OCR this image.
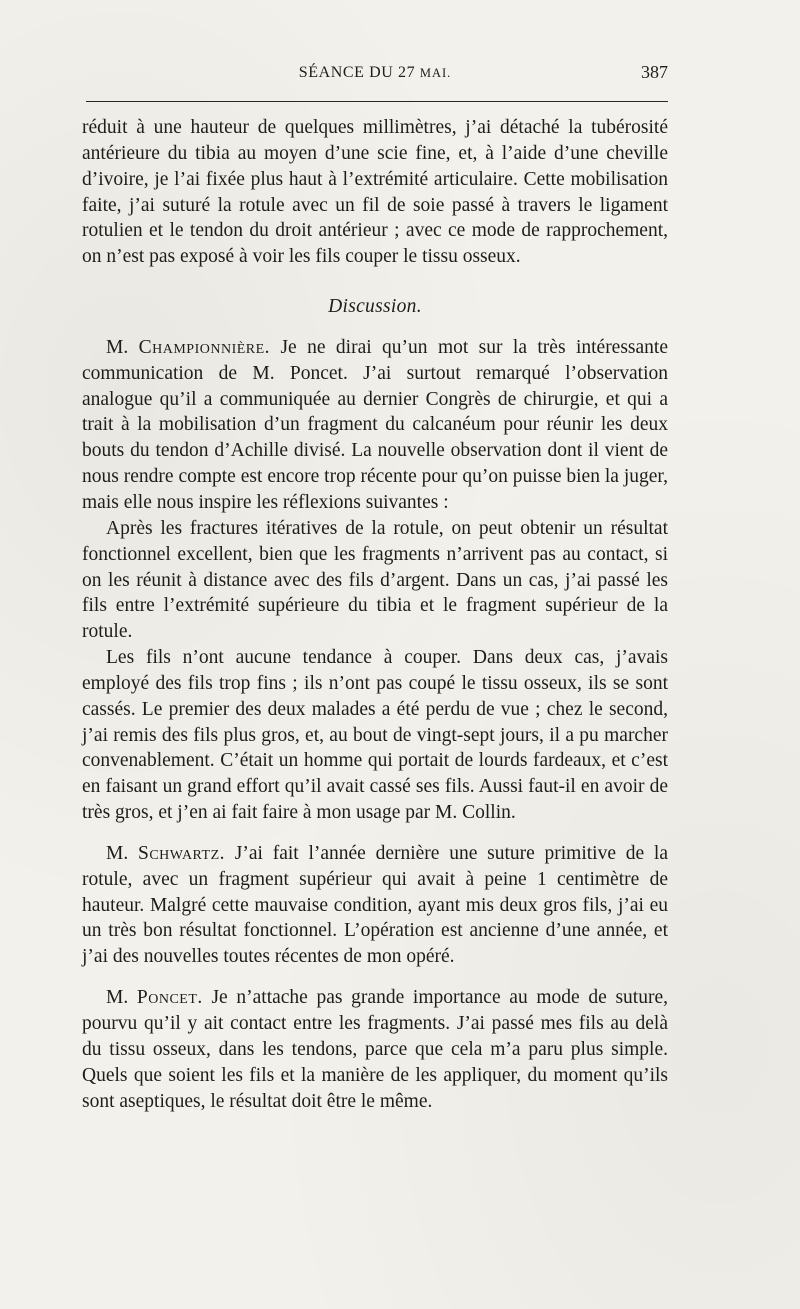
SÉANCE DU 27 MAI.	387

réduit à une hauteur de quelques millimètres, j’ai détaché la tubérosité antérieure du tibia au moyen d’une scie fine, et, à l’aide d’une cheville d’ivoire, je l’ai fixée plus haut à l’extrémité articulaire. Cette mobilisation faite, j’ai suturé la rotule avec un fil de soie passé à travers le ligament rotulien et le tendon du droit antérieur ; avec ce mode de rapprochement, on n’est pas exposé à voir les fils couper le tissu osseux.

Discussion.

M. Championnière. Je ne dirai qu’un mot sur la très intéressante communication de M. Poncet. J’ai surtout remarqué l’observation analogue qu’il a communiquée au dernier Congrès de chirurgie, et qui a trait à la mobilisation d’un fragment du calcanéum pour réunir les deux bouts du tendon d’Achille divisé. La nouvelle observation dont il vient de nous rendre compte est encore trop récente pour qu’on puisse bien la juger, mais elle nous inspire les réflexions suivantes :

Après les fractures itératives de la rotule, on peut obtenir un résultat fonctionnel excellent, bien que les fragments n’arrivent pas au contact, si on les réunit à distance avec des fils d’argent. Dans un cas, j’ai passé les fils entre l’extrémité supérieure du tibia et le fragment supérieur de la rotule.

Les fils n’ont aucune tendance à couper. Dans deux cas, j’avais employé des fils trop fins ; ils n’ont pas coupé le tissu osseux, ils se sont cassés. Le premier des deux malades a été perdu de vue ; chez le second, j’ai remis des fils plus gros, et, au bout de vingt-sept jours, il a pu marcher convenablement. C’était un homme qui portait de lourds fardeaux, et c’est en faisant un grand effort qu’il avait cassé ses fils. Aussi faut-il en avoir de très gros, et j’en ai fait faire à mon usage par M. Collin.

M. Schwartz. J’ai fait l’année dernière une suture primitive de la rotule, avec un fragment supérieur qui avait à peine 1 centimètre de hauteur. Malgré cette mauvaise condition, ayant mis deux gros fils, j’ai eu un très bon résultat fonctionnel. L’opération est ancienne d’une année, et j’ai des nouvelles toutes récentes de mon opéré.

M. Poncet. Je n’attache pas grande importance au mode de suture, pourvu qu’il y ait contact entre les fragments. J’ai passé mes fils au delà du tissu osseux, dans les tendons, parce que cela m’a paru plus simple. Quels que soient les fils et la manière de les appliquer, du moment qu’ils sont aseptiques, le résultat doit être le même.
